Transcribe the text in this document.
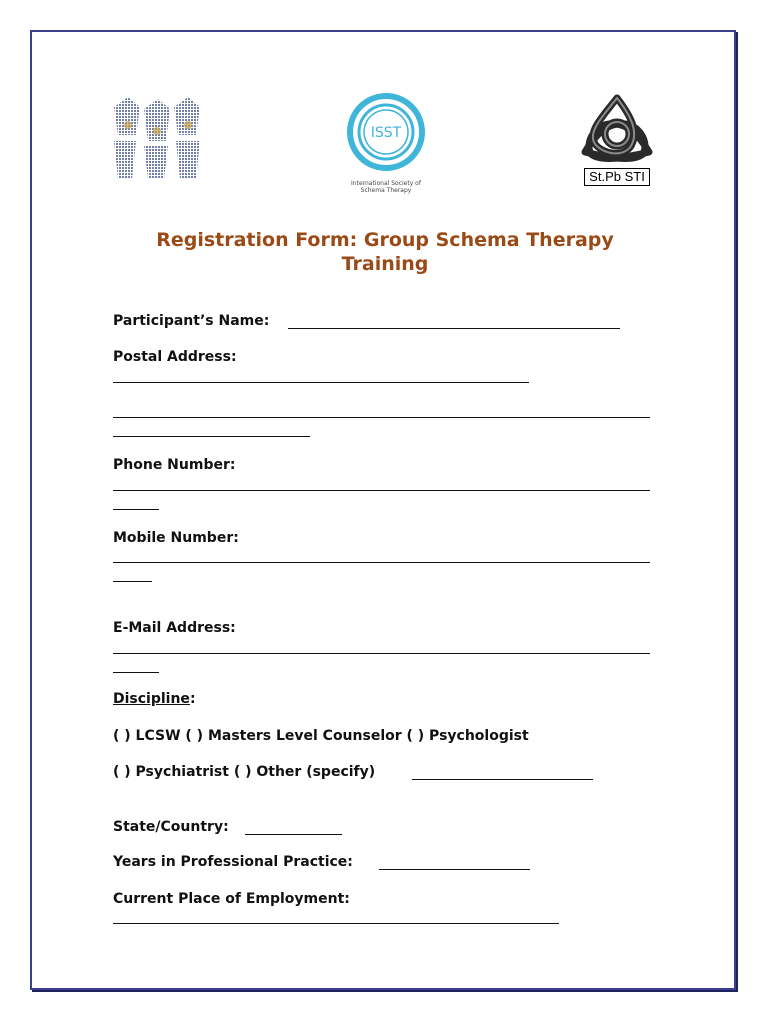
ISST
International Society of
Schema Therapy
St.Pb STI
Registration Form: Group Schema Therapy
Training
Participant’s Name:
Postal Address:
Phone Number:
Mobile Number:
E-Mail Address:
Discipline:
( ) LCSW ( ) Masters Level Counselor ( ) Psychologist
( ) Psychiatrist ( ) Other (specify)
State/Country:
Years in Professional Practice:
Current Place of Employment:
